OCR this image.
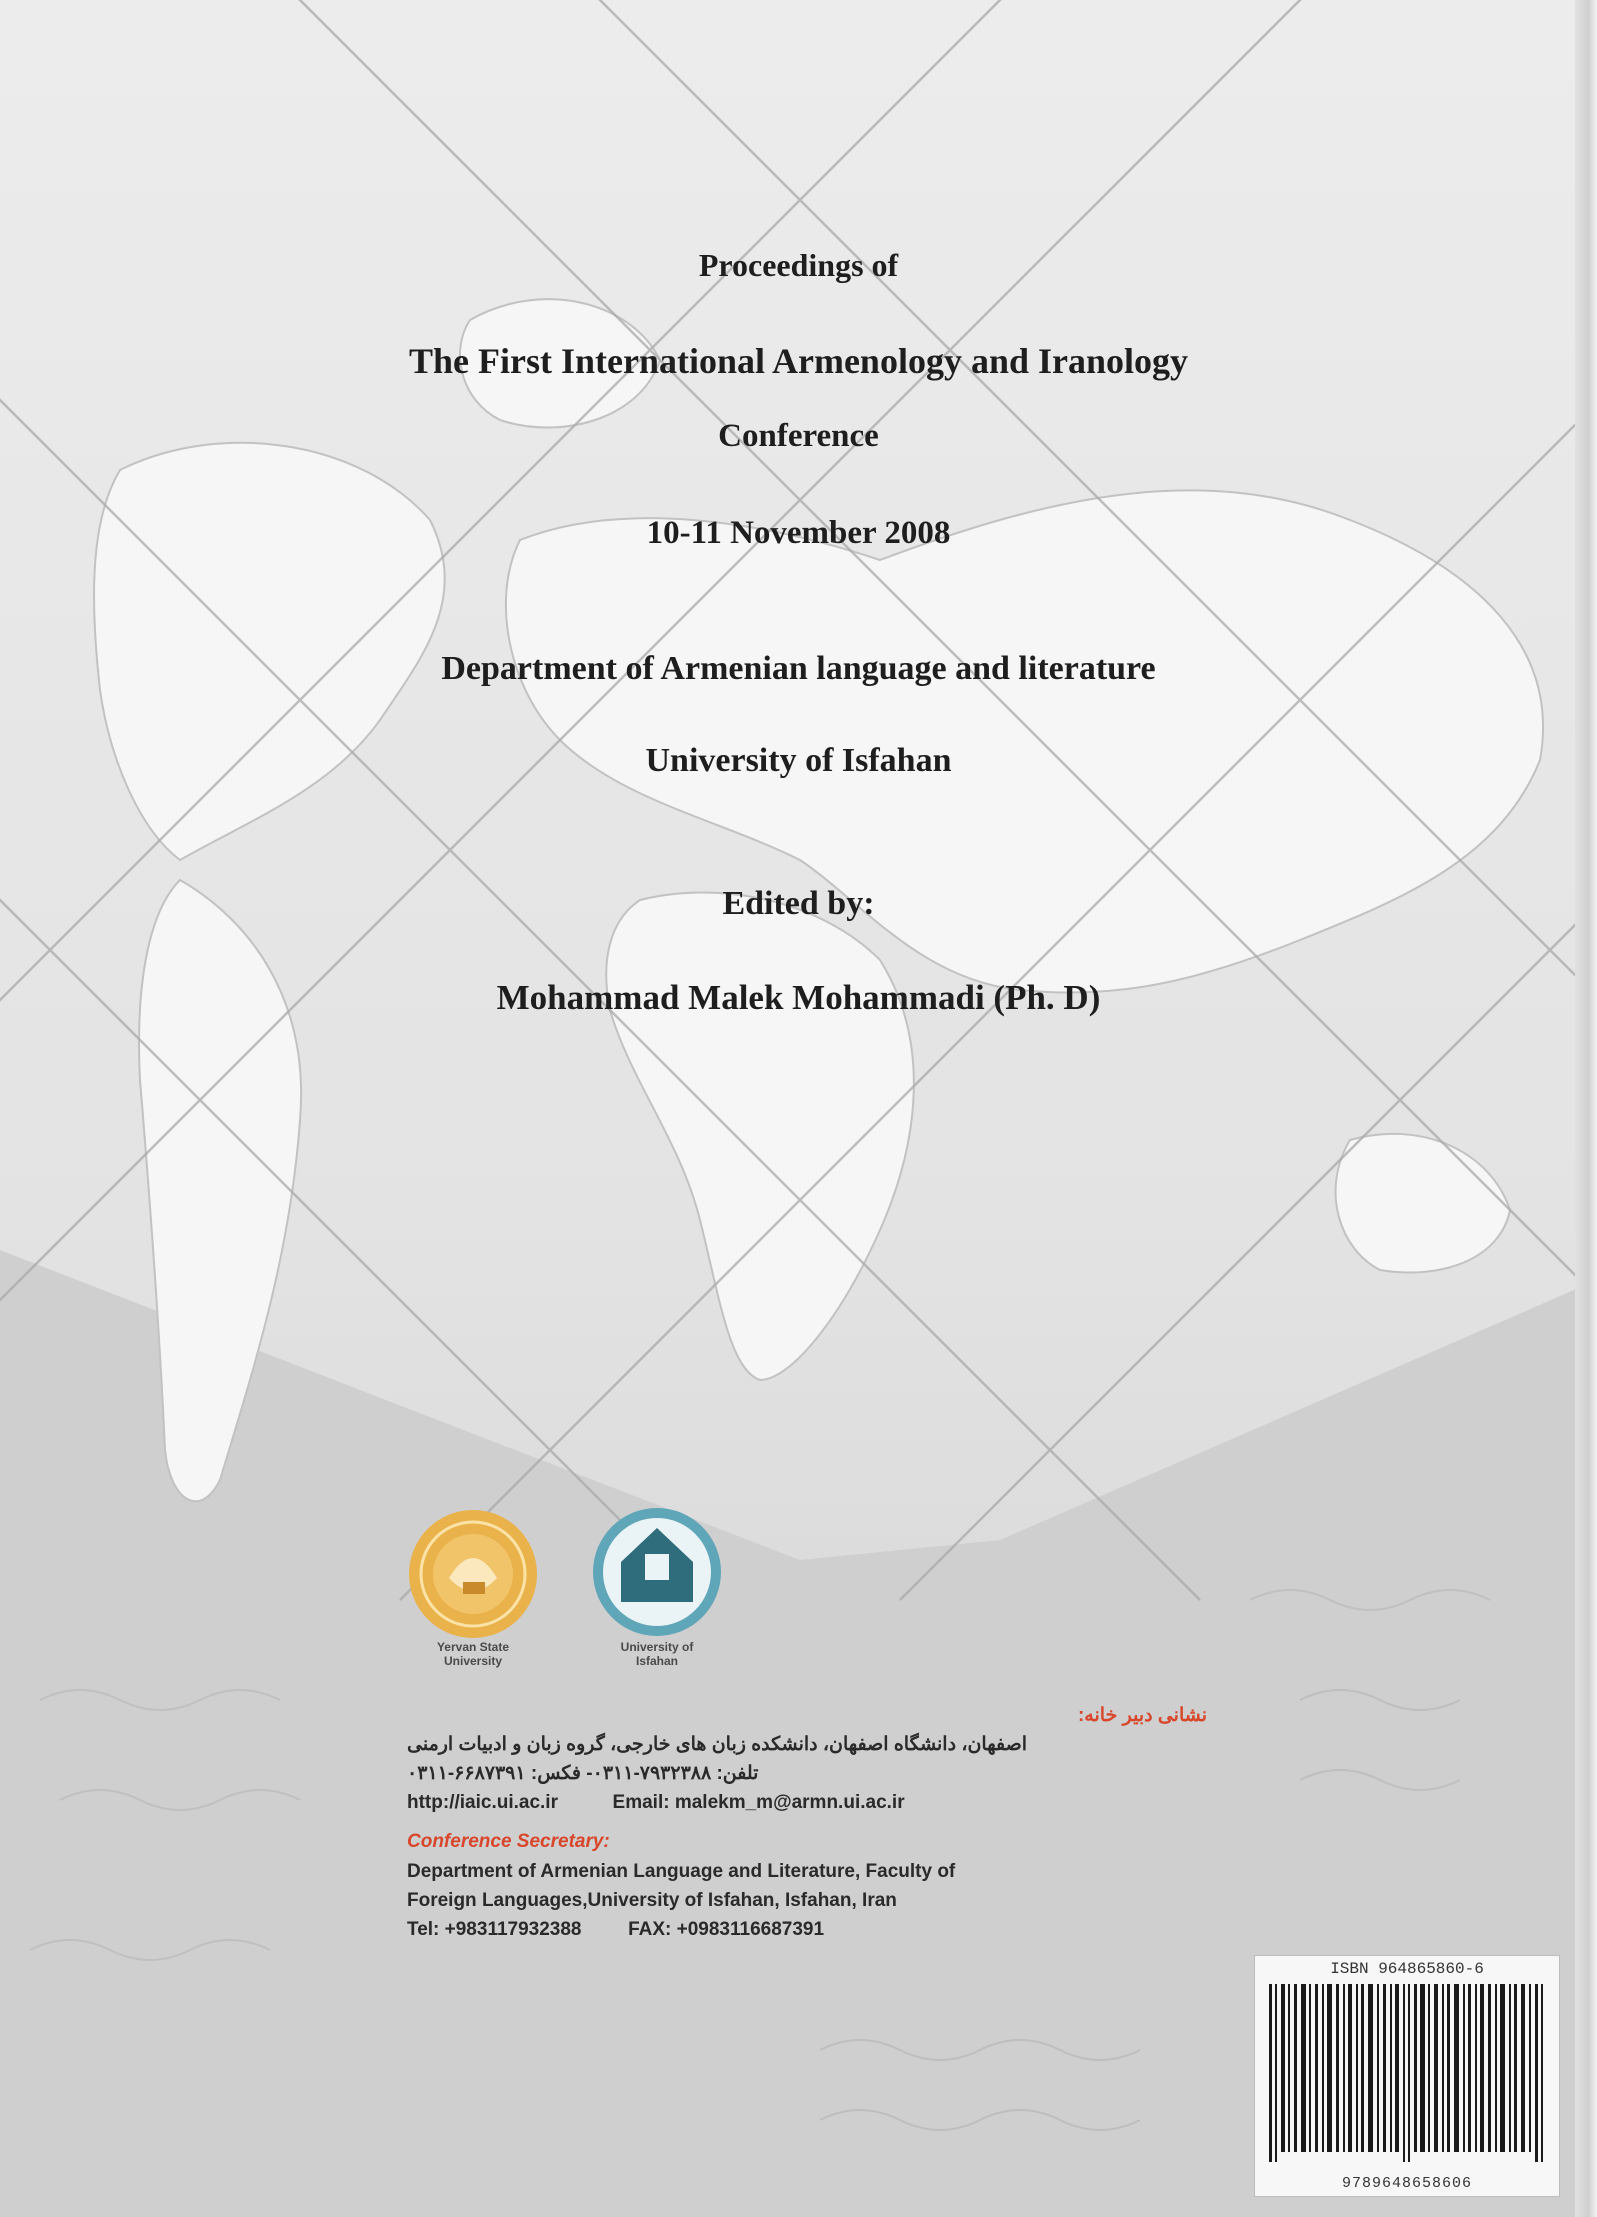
Proceedings of
The First International Armenology and Iranology
Conference
10-11 November 2008
Department of Armenian language and literature
University of Isfahan
Edited by:
Mohammad Malek Mohammadi (Ph. D)
Yervan State
University
University of
Isfahan
نشانی دبیر خانه:
اصفهان، دانشگاه اصفهان، دانشکده زبان های خارجی، گروه زبان و ادبیات ارمنی
تلفن: ۷۹۳۲۳۸۸-۰۳۱۱- فکس: ۶۶۸۷۳۹۱-۰۳۱۱
http://iaic.ui.ac.ir	Email: malekm_m@armn.ui.ac.ir
Conference Secretary:
Department of Armenian Language and Literature, Faculty of
Foreign Languages,University of Isfahan, Isfahan, Iran
Tel: +983117932388 FAX: +0983116687391
ISBN 964865860-6
9789648658606
